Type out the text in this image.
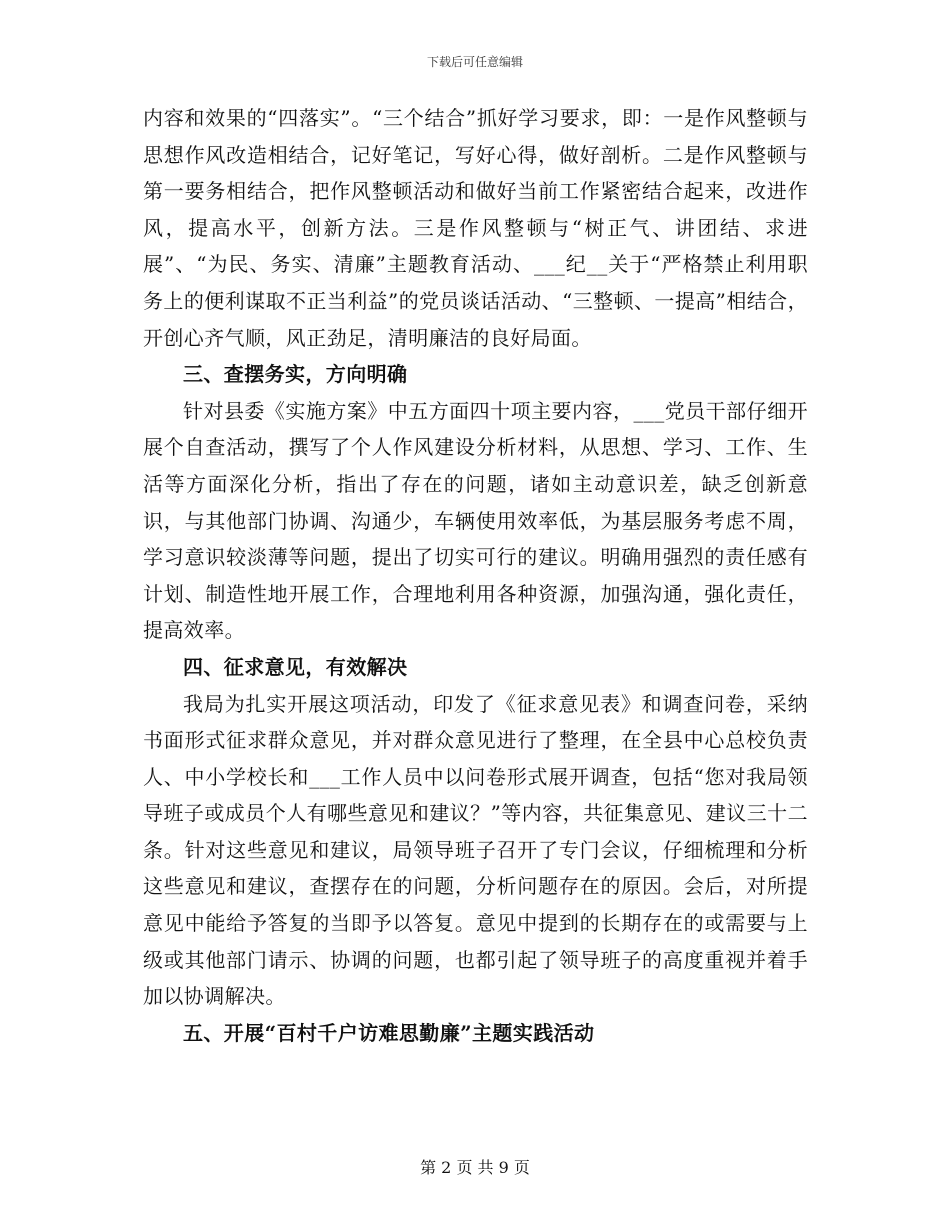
下载后可任意编辑

内容和效果的“四落实”。“三个结合”抓好学习要求，即：一是作风整顿与思想作风改造相结合，记好笔记，写好心得，做好剖析。二是作风整顿与第一要务相结合，把作风整顿活动和做好当前工作紧密结合起来，改进作风，提高水平，创新方法。三是作风整顿与“树正气、讲团结、求进展”、“为民、务实、清廉”主题教育活动、___纪__关于“严格禁止利用职务上的便利谋取不正当利益”的党员谈话活动、“三整顿、一提高”相结合，开创心齐气顺，风正劲足，清明廉洁的良好局面。

三、查摆务实，方向明确

针对县委《实施方案》中五方面四十项主要内容，___党员干部仔细开展个自查活动，撰写了个人作风建设分析材料，从思想、学习、工作、生活等方面深化分析，指出了存在的问题，诸如主动意识差，缺乏创新意识，与其他部门协调、沟通少，车辆使用效率低，为基层服务考虑不周，学习意识较淡薄等问题，提出了切实可行的建议。明确用强烈的责任感有计划、制造性地开展工作，合理地利用各种资源，加强沟通，强化责任，提高效率。

四、征求意见，有效解决

我局为扎实开展这项活动，印发了《征求意见表》和调查问卷，采纳书面形式征求群众意见，并对群众意见进行了整理，在全县中心总校负责人、中小学校长和___工作人员中以问卷形式展开调查，包括“您对我局领导班子或成员个人有哪些意见和建议？”等内容，共征集意见、建议三十二条。针对这些意见和建议，局领导班子召开了专门会议，仔细梳理和分析这些意见和建议，查摆存在的问题，分析问题存在的原因。会后，对所提意见中能给予答复的当即予以答复。意见中提到的长期存在的或需要与上级或其他部门请示、协调的问题，也都引起了领导班子的高度重视并着手加以协调解决。

五、开展“百村千户访难思勤廉”主题实践活动

第 2 页 共 9 页
